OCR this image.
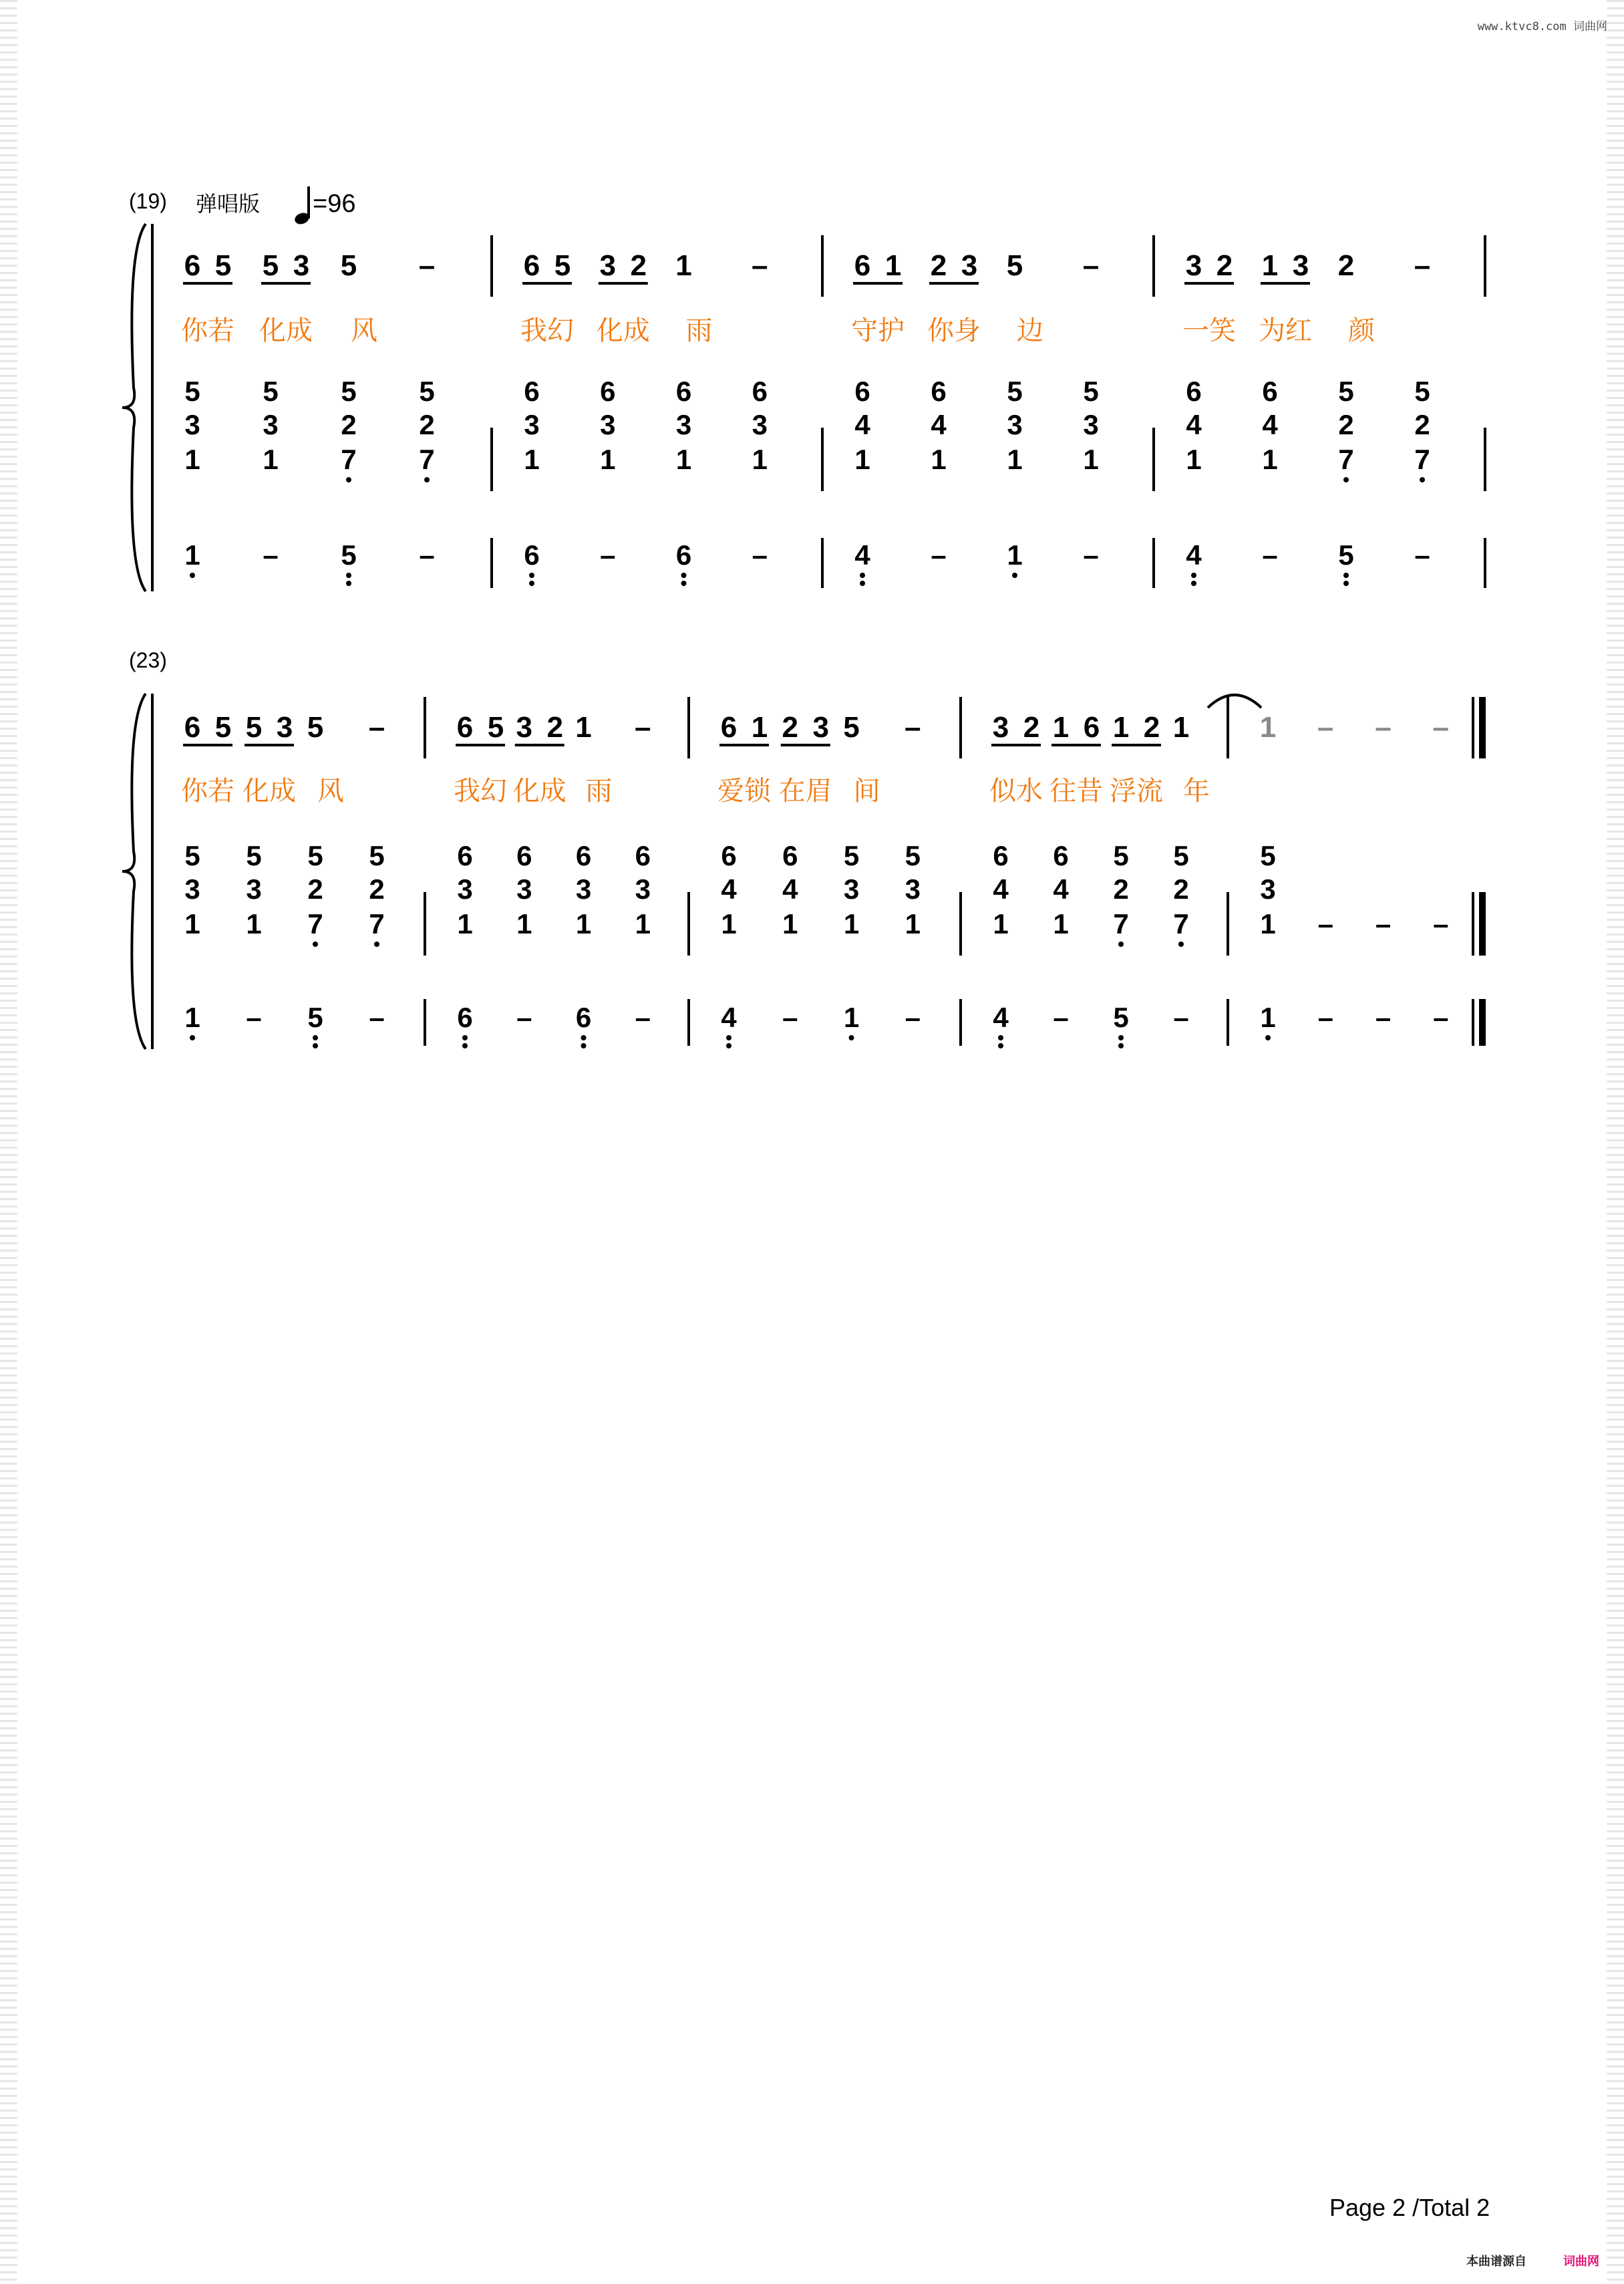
www.ktvc8.com 词曲网
(19) 弹唱版 =96
(23)
6 5 5 3 5 –
你若 化成 风
5
3
1
5
3
1
5
2
7
5
2
7
1 – 5 –
6 5 3 2 1 –
我幻 化成 雨
6
3
1
6
3
1
6
3
1
6
3
1
6 – 6 –
6 1 2 3 5 –
守护 你身 边
6
4
1
6
4
1
5
3
1
5
3
1
4 – 1 –
3 2 1 3 2 –
一笑 为红 颜
6
4
1
6
4
1
5
2
7
5
2
7
4 – 5 –
6 5 5 3 5 –
你若 化成 风
5
3
1
5
3
1
5
2
7
5
2
7
1 – 5 –
6 5 3 2 1 –
我幻 化成 雨
6
3
1
6
3
1
6
3
1
6
3
1
6 – 6 –
6 1 2 3 5 –
爱锁 在眉 间
6
4
1
6
4
1
5
3
1
5
3
1
4 – 1 –
3 2 1 6 1 2 1
似水 往昔 浮流 年
6
4
1
6
4
1
5
2
7
5
2
7
4 – 5 –
1 – – –
5
3
1 – – –
1 – – –
Page 2 /Total 2
本曲谱源自	词曲网
